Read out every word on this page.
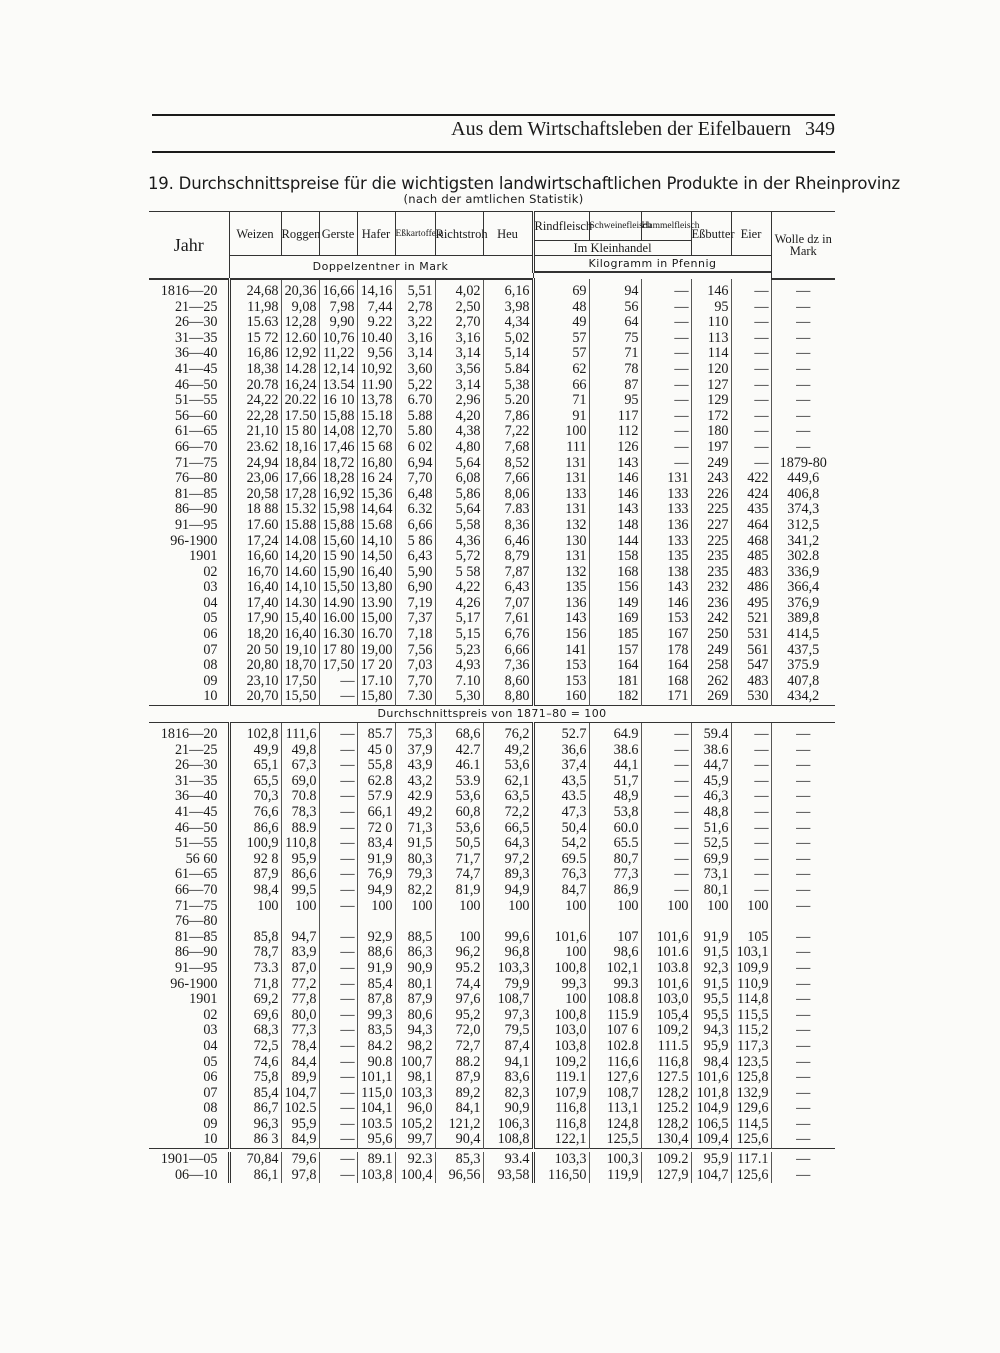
Aus dem Wirtschaftsleben der Eifelbauern 349
19. Durchschnittspreise für die wichtigsten landwirtschaftlichen Produkte in der Rheinprovinz
(nach der amtlichen Statistik)
Jahr	Weizen	Roggen	Gerste	Hafer	Eßkartoffeln	Richtstroh	Heu	Rindfleisch	Schweinefleisch	Hammelfleisch	Eßbutter	Eier	Wolle dz in Mark
								Im Kleinhandel					
	Doppelzentner in Mark							Kilogramm in Pfennig					

1816—20	24,68	20,36	16,66	14,16	5,51	4,02	6,16	69	94	—	146	—	—
21—25	11,98	9,08	7,98	7,44	2,78	2,50	3,98	48	56	—	95	—	—
26—30	15.63	12,28	9,90	9.22	3,22	2,70	4,34	49	64	—	110	—	—
31—35	15 72	12.60	10,76	10.40	3,16	3,16	5,02	57	75	—	113	—	—
36—40	16,86	12,92	11,22	9,56	3,14	3,14	5,14	57	71	—	114	—	—
41—45	18,38	14.28	12,14	10,92	3,60	3,56	5.84	62	78	—	120	—	—
46—50	20.78	16,24	13.54	11.90	5,22	3,14	5,38	66	87	—	127	—	—
51—55	24,22	20.22	16 10	13,78	6.70	2,96	5.20	71	95	—	129	—	—
56—60	22,28	17.50	15,88	15.18	5.88	4,20	7,86	91	117	—	172	—	—
61—65	21,10	15 80	14,08	12,70	5.80	4,38	7,22	100	112	—	180	—	—
66—70	23.62	18,16	17,46	15 68	6 02	4,80	7,68	111	126	—	197	—	—
71—75	24,94	18,84	18,72	16,80	6,94	5,64	8,52	131	143	—	249	—	1879-80
76—80	23,06	17,66	18,28	16 24	7,70	6,08	7,66	131	146	131	243	422	449,6
81—85	20,58	17,28	16,92	15,36	6,48	5,86	8,06	133	146	133	226	424	406,8
86—90	18 88	15.32	15,98	14,64	6.32	5,64	7.83	131	143	133	225	435	374,3
91—95	17.60	15.88	15,88	15.68	6,66	5,58	8,36	132	148	136	227	464	312,5
96-1900	17,24	14.08	15,60	14,10	5 86	4,36	6,46	130	144	133	225	468	341,2
1901	16,60	14,20	15 90	14,50	6,43	5,72	8,79	131	158	135	235	485	302.8
02	16,70	14.60	15,90	16,40	5,90	5 58	7,87	132	168	138	235	483	336,9
03	16,40	14,10	15,50	13,80	6,90	4,22	6,43	135	156	143	232	486	366,4
04	17,40	14.30	14.90	13.90	7,19	4,26	7,07	136	149	146	236	495	376,9
05	17,90	15,40	16.00	15,00	7,37	5,17	7,61	143	169	153	242	521	389,8
06	18,20	16,40	16.30	16.70	7,18	5,15	6,76	156	185	167	250	531	414,5
07	20 50	19,10	17 80	19,00	7,56	5,23	6,66	141	157	178	249	561	437,5
08	20,80	18,70	17,50	17 20	7,03	4,93	7,36	153	164	164	258	547	375.9
09	23,10	17,50	—	17.10	7,70	7.10	8,60	153	181	168	262	483	407,8
10	20,70	15,50	—	15,80	7.30	5,30	8,80	160	182	171	269	530	434,2
Durchschnittspreis von 1871–80 = 100													
1816—20	102,8	111,6	—	85.7	75,3	68,6	76,2	52.7	64.9	—	59.4	—	—
21—25	49,9	49,8	—	45 0	37,9	42.7	49,2	36,6	38.6	—	38.6	—	—
26—30	65,1	67,3	—	55,8	43,9	46.1	53,6	37,4	44,1	—	44,7	—	—
31—35	65,5	69,0	—	62.8	43,2	53.9	62,1	43,5	51,7	—	45,9	—	—
36—40	70,3	70.8	—	57.9	42.9	53,6	63,5	43.5	48,9	—	46,3	—	—
41—45	76,6	78,3	—	66,1	49,2	60,8	72,2	47,3	53,8	—	48,8	—	—
46—50	86,6	88.9	—	72 0	71,3	53,6	66,5	50,4	60.0	—	51,6	—	—
51—55	100,9	110,8	—	83,4	91,5	50,5	64,3	54,2	65.5	—	52,5	—	—
56 60	92 8	95,9	—	91,9	80,3	71,7	97,2	69.5	80,7	—	69,9	—	—
61—65	87,9	86,6	—	76,9	79,3	74,7	89,3	76,3	77,3	—	73,1	—	—
66—70	98,4	99,5	—	94,9	82,2	81,9	94,9	84,7	86,9	—	80,1	—	—
71—75	100	100	—	100	100	100	100	100	100	100	100	100	—
76—80													
81—85	85,8	94,7	—	92,9	88,5	100	99,6	101,6	107	101,6	91,9	105	—
86—90	78,7	83,9	—	88,6	86,3	96,2	96,8	100	98,6	101.6	91,5	103,1	—
91—95	73.3	87,0	—	91,9	90,9	95.2	103,3	100,8	102,1	103.8	92,3	109,9	—
96-1900	71,8	77,2	—	85,4	80,1	74,4	79,9	99,3	99.3	101,6	91,5	110,9	—
1901	69,2	77,8	—	87,8	87,9	97,6	108,7	100	108.8	103,0	95,5	114,8	—
02	69,6	80,0	—	99,3	80,6	95,2	97,3	100,8	115.9	105,4	95,5	115,5	—
03	68,3	77,3	—	83,5	94,3	72,0	79,5	103,0	107 6	109,2	94,3	115,2	—
04	72,5	78,4	—	84.2	98,2	72,7	87,4	103,8	102.8	111.5	95,9	117,3	—
05	74,6	84,4	—	90.8	100,7	88.2	94,1	109,2	116,6	116,8	98,4	123,5	—
06	75,8	89,9	—	101,1	98,1	87,9	83,6	119.1	127,6	127.5	101,6	125,8	—
07	85,4	104,7	—	115,0	103,3	89,2	82,3	107,9	108,7	128,2	101,8	132,9	—
08	86,7	102.5	—	104,1	96,0	84,1	90,9	116,8	113,1	125.2	104,9	129,6	—
09	96,3	95,9	—	103.5	105,2	121,2	106,3	116,8	124,8	128,2	106,5	114,5	—
10	86 3	84,9	—	95,6	99,7	90,4	108,8	122,1	125,5	130,4	109,4	125,6	—

1901—05	70,84	79,6	—	89.1	92.3	85,3	93.4	103,3	100,3	109.2	95,9	117.1	—
06—10	86,1	97,8	—	103,8	100,4	96,56	93,58	116,50	119,9	127,9	104,7	125,6	—
